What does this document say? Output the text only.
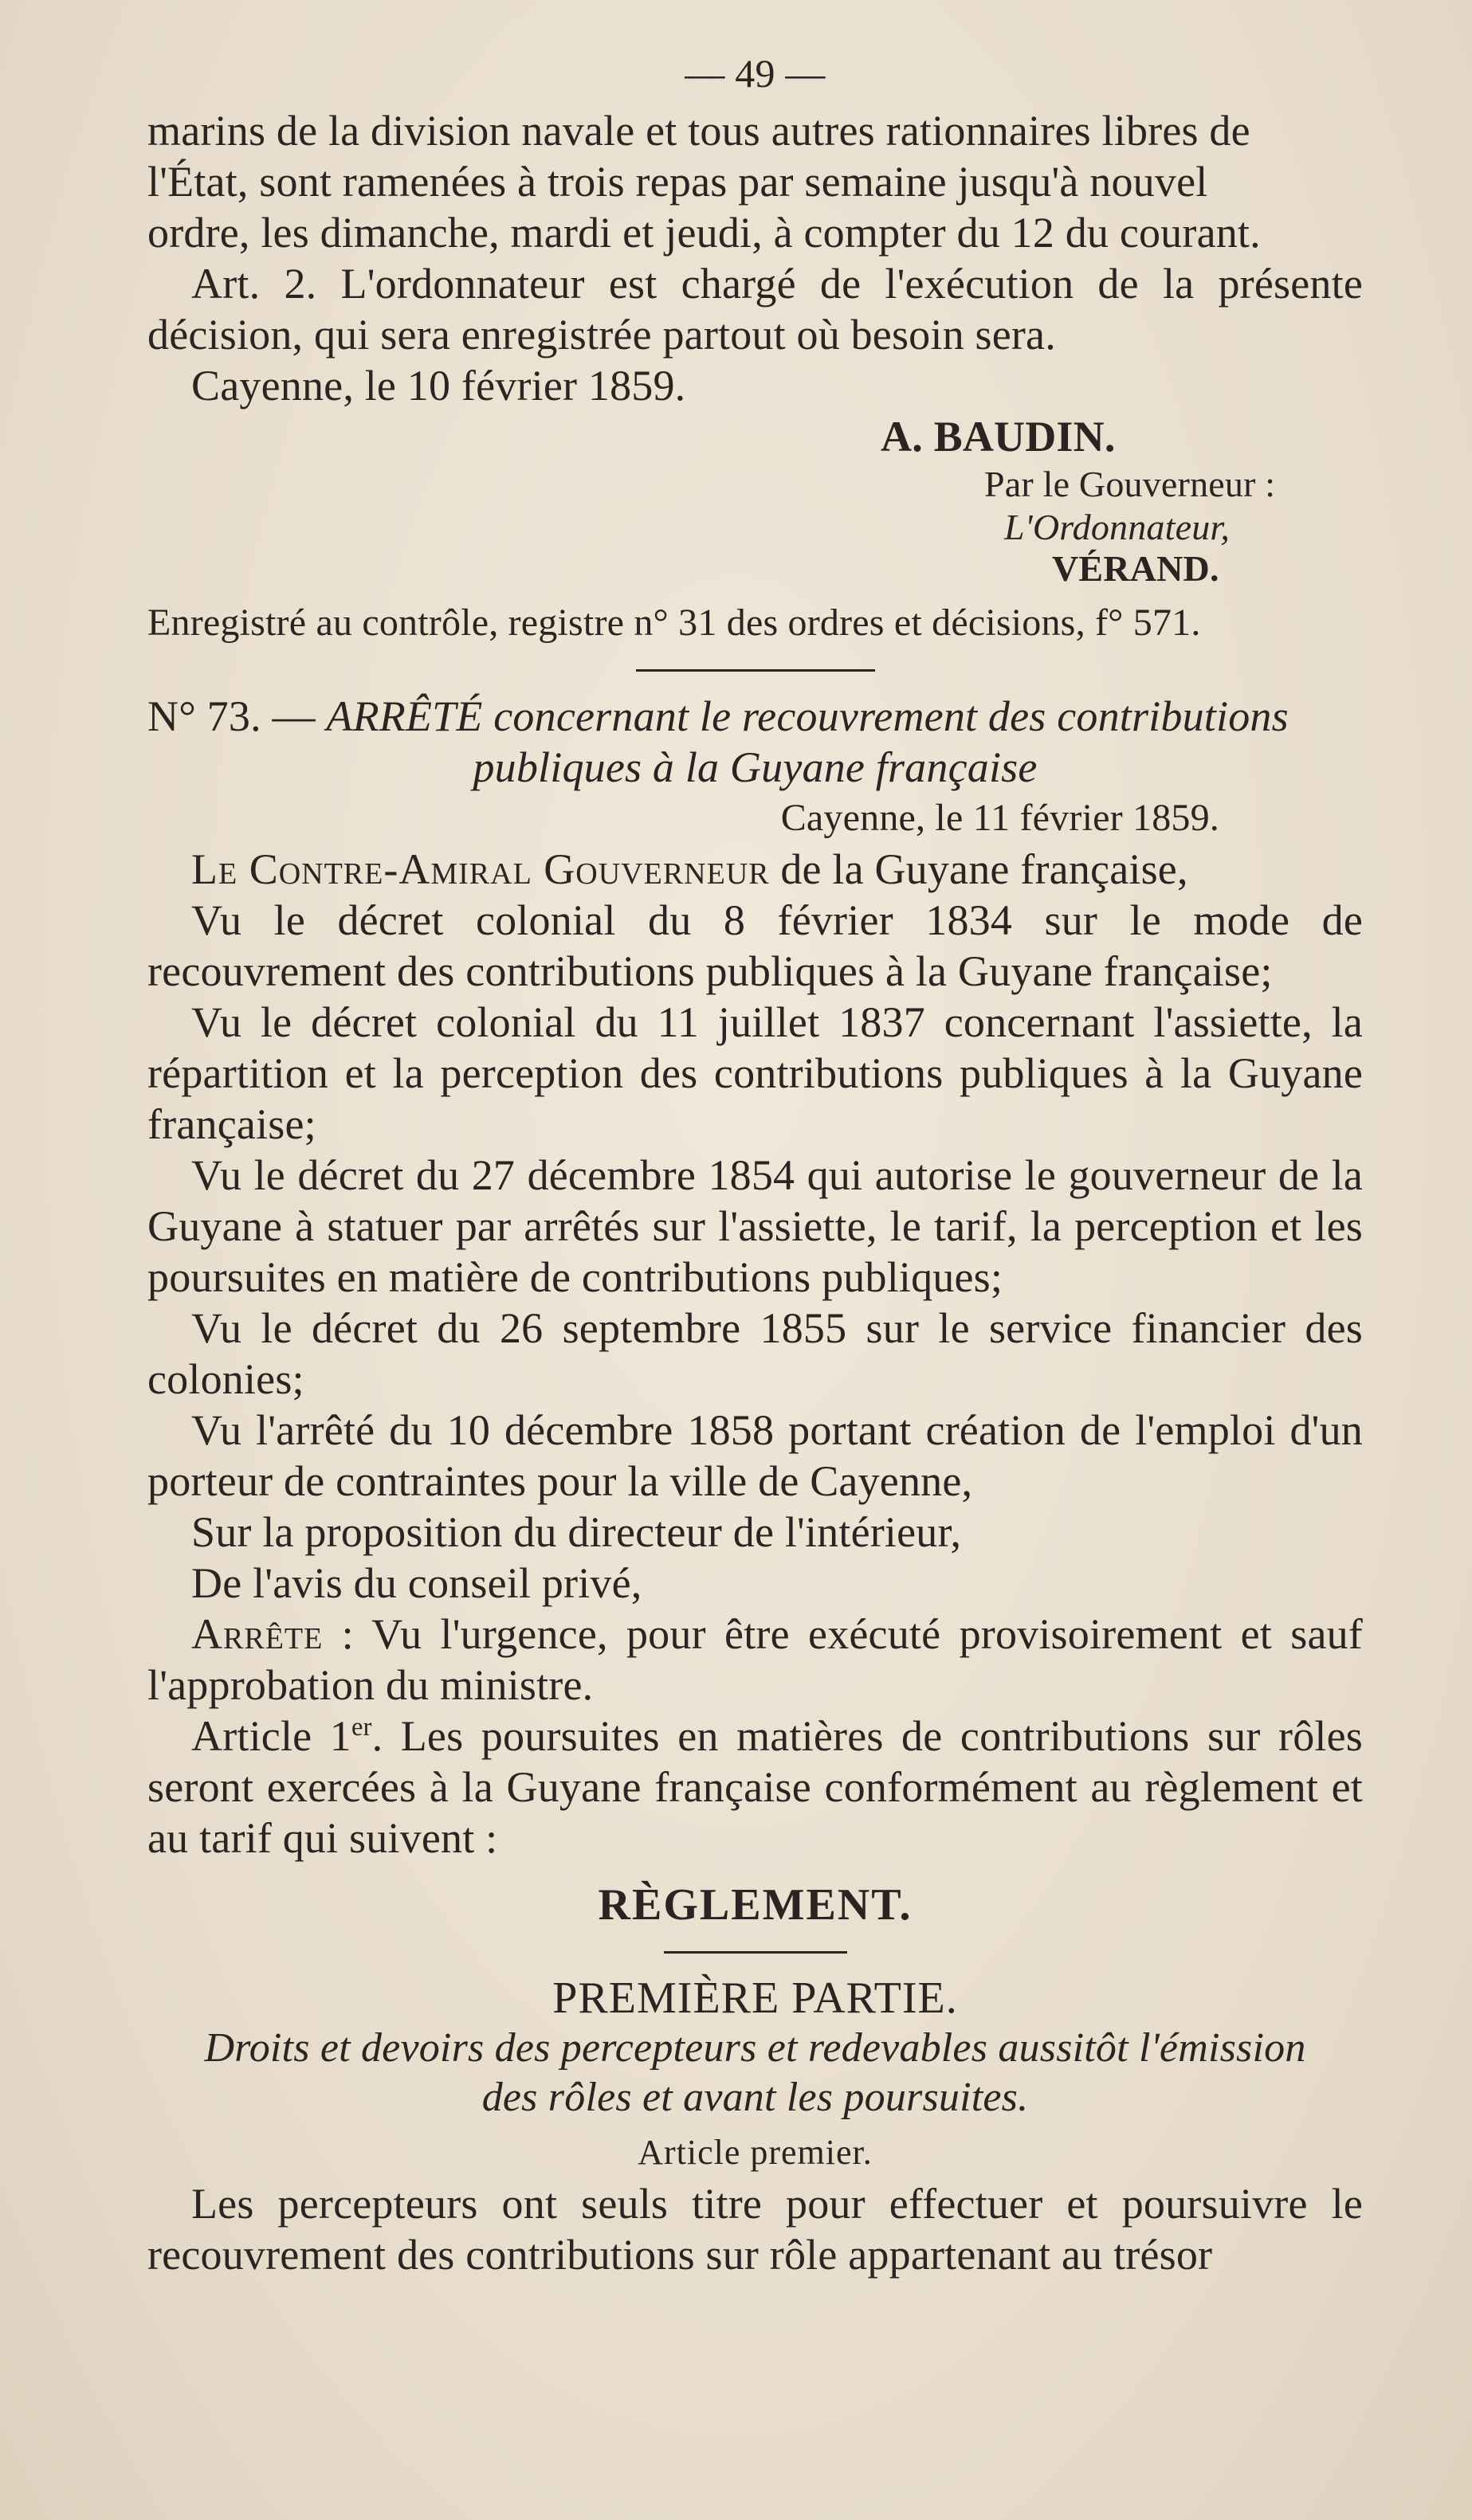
— 49 —

marins de la division navale et tous autres rationnaires libres de
l'État, sont ramenées à trois repas par semaine jusqu'à nouvel
ordre, les dimanche, mardi et jeudi, à compter du 12 du courant.

Art. 2. L'ordonnateur est chargé de l'exécution de la présente décision, qui sera enregistrée partout où besoin sera.

Cayenne, le 10 février 1859.

A. BAUDIN.
Par le Gouverneur :
L'Ordonnateur,
VÉRAND.

Enregistré au contrôle, registre n° 31 des ordres et décisions, f° 571.

N° 73. — ARRÊTÉ concernant le recouvrement des contributions
publiques à la Guyane française

Cayenne, le 11 février 1859.

Le Contre-Amiral Gouverneur de la Guyane française,

Vu le décret colonial du 8 février 1834 sur le mode de recouvrement des contributions publiques à la Guyane française;

Vu le décret colonial du 11 juillet 1837 concernant l'assiette, la répartition et la perception des contributions publiques à la Guyane française;

Vu le décret du 27 décembre 1854 qui autorise le gouverneur de la Guyane à statuer par arrêtés sur l'assiette, le tarif, la perception et les poursuites en matière de contributions publiques;

Vu le décret du 26 septembre 1855 sur le service financier des colonies;

Vu l'arrêté du 10 décembre 1858 portant création de l'emploi d'un porteur de contraintes pour la ville de Cayenne,

Sur la proposition du directeur de l'intérieur,

De l'avis du conseil privé,

Arrête : Vu l'urgence, pour être exécuté provisoirement et sauf l'approbation du ministre.

Article 1er. Les poursuites en matières de contributions sur rôles seront exercées à la Guyane française conformément au règlement et au tarif qui suivent :

RÈGLEMENT.
PREMIÈRE PARTIE.
Droits et devoirs des percepteurs et redevables aussitôt l'émission
des rôles et avant les poursuites.
Article premier.

Les percepteurs ont seuls titre pour effectuer et poursuivre le recouvrement des contributions sur rôle appartenant au trésor
